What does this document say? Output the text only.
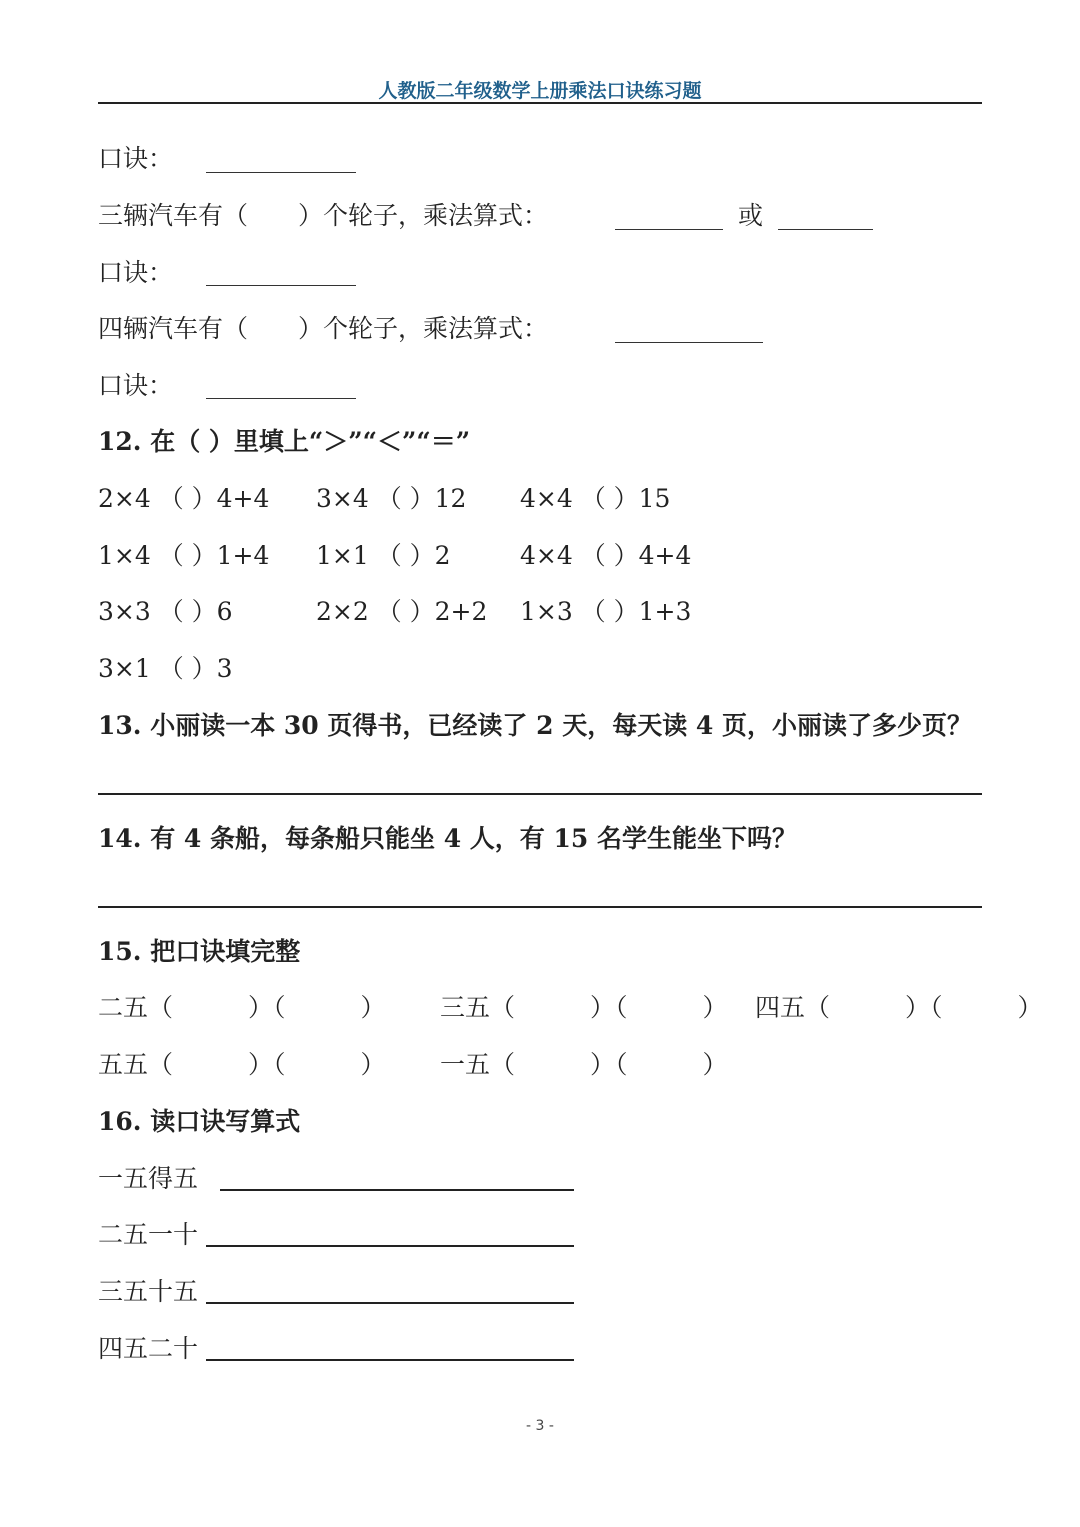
人教版二年级数学上册乘法口诀练习题
口诀：
三辆汽车有（　　）个轮子，乘法算式：	或
口诀：
四辆汽车有（　　）个轮子，乘法算式：
口诀：
12. 在（ ）里填上“＞”“＜”“＝”
2×4 （ ）4+4 3×4 （ ）12 4×4 （ ）15
1×4 （ ）1+4 1×1 （ ）2	4×4 （ ）4+4
3×3 （ ）6	2×2 （ ）2+2 1×3 （ ）1+3
3×1 （ ）3
13. 小丽读一本 30 页得书，已经读了 2 天，每天读 4 页，小丽读了多少页？
14. 有 4 条船，每条船只能坐 4 人，有 15 名学生能坐下吗？
15. 把口诀填完整
二五（　　　）（　　　） 三五（　　　）（　　　） 四五（　　　）（　　　）
五五（　　　）（　　　） 一五（　　　）（　　　）
16. 读口诀写算式
一五得五
二五一十
三五十五
四五二十
- 3 -
